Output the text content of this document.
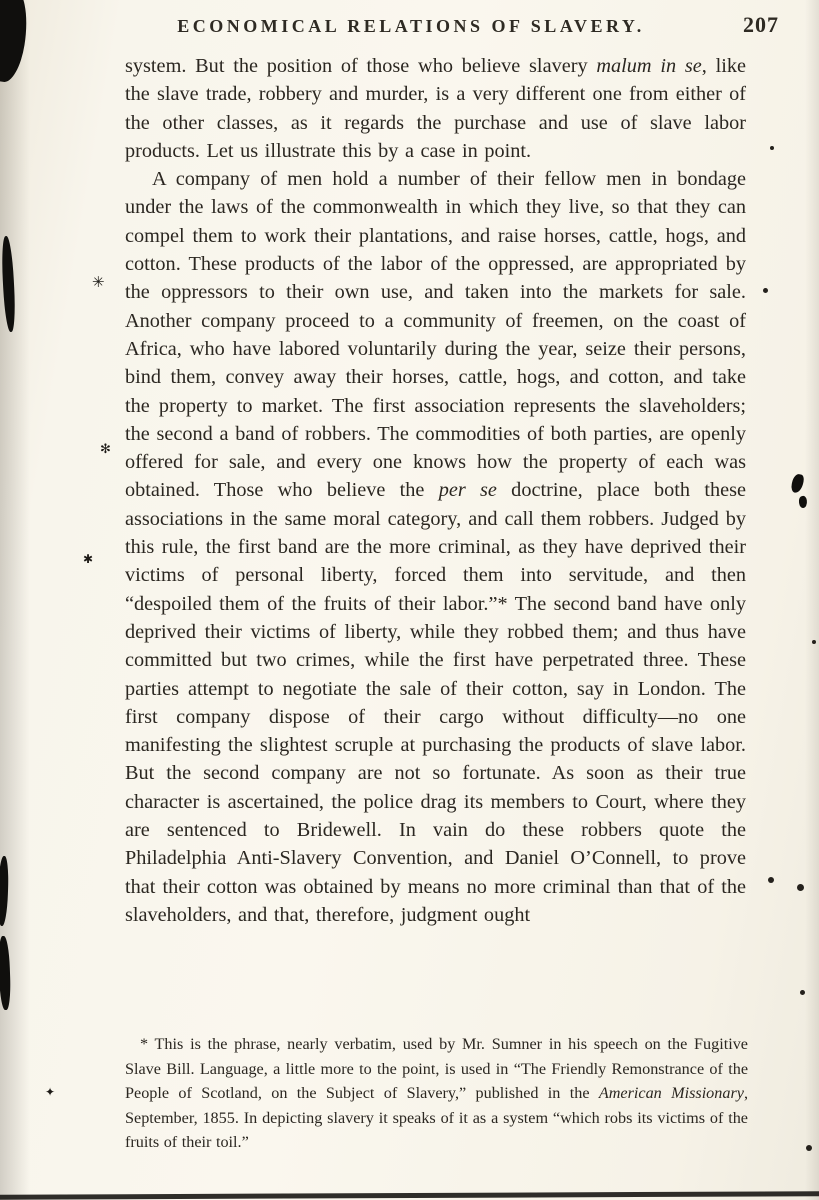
ECONOMICAL RELATIONS OF SLAVERY.	207

system. But the position of those who believe slavery malum in se, like the slave trade, robbery and murder, is a very different one from either of the other classes, as it regards the purchase and use of slave labor products. Let us illustrate this by a case in point.

A company of men hold a number of their fellow men in bondage under the laws of the commonwealth in which they live, so that they can compel them to work their plantations, and raise horses, cattle, hogs, and cotton. These products of the labor of the oppressed, are appropriated by the oppressors to their own use, and taken into the markets for sale. Another company proceed to a community of freemen, on the coast of Africa, who have labored voluntarily during the year, seize their persons, bind them, convey away their horses, cattle, hogs, and cotton, and take the property to market. The first association represents the slaveholders; the second a band of robbers. The commodities of both parties, are openly offered for sale, and every one knows how the property of each was obtained. Those who believe the per se doctrine, place both these associations in the same moral category, and call them robbers. Judged by this rule, the first band are the more criminal, as they have deprived their victims of personal liberty, forced them into servitude, and then “despoiled them of the fruits of their labor.”* The second band have only deprived their victims of liberty, while they robbed them; and thus have committed but two crimes, while the first have perpetrated three. These parties attempt to negotiate the sale of their cotton, say in London. The first company dispose of their cargo without difficulty—no one manifesting the slightest scruple at purchasing the products of slave labor. But the second company are not so fortunate. As soon as their true character is ascertained, the police drag its members to Court, where they are sentenced to Bridewell. In vain do these robbers quote the Philadelphia Anti-Slavery Convention, and Daniel O’Connell, to prove that their cotton was obtained by means no more criminal than that of the slaveholders, and that, therefore, judgment ought

* This is the phrase, nearly verbatim, used by Mr. Sumner in his speech on the Fugitive Slave Bill. Language, a little more to the point, is used in “The Friendly Remonstrance of the People of Scotland, on the Subject of Slavery,” published in the American Missionary, September, 1855. In depicting slavery it speaks of it as a system “which robs its victims of the fruits of their toil.”
✳
✻
✱
✦
